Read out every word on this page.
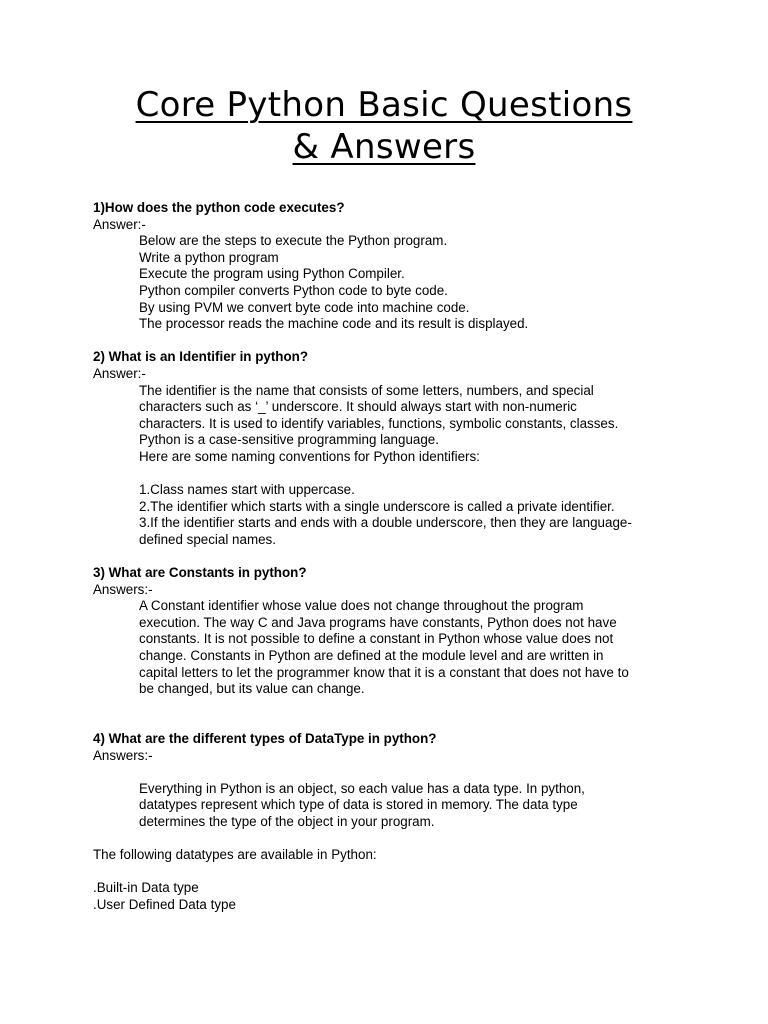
Core Python Basic Questions
& Answers

1)How does the python code executes?

Answer:-

Below are the steps to execute the Python program.

Write a python program

Execute the program using Python Compiler.

Python compiler converts Python code to byte code.

By using PVM we convert byte code into machine code.

The processor reads the machine code and its result is displayed.

2) What is an Identifier in python?

Answer:-

The identifier is the name that consists of some letters, numbers, and special

characters such as ‘_’ underscore. It should always start with non-numeric

characters. It is used to identify variables, functions, symbolic constants, classes.

Python is a case-sensitive programming language.

Here are some naming conventions for Python identifiers:

1.Class names start with uppercase.

2.The identifier which starts with a single underscore is called a private identifier.

3.If the identifier starts and ends with a double underscore, then they are language-

defined special names.

3) What are Constants in python?

Answers:-

A Constant identifier whose value does not change throughout the program

execution. The way C and Java programs have constants, Python does not have

constants. It is not possible to define a constant in Python whose value does not

change. Constants in Python are defined at the module level and are written in

capital letters to let the programmer know that it is a constant that does not have to

be changed, but its value can change.

4) What are the different types of DataType in python?

Answers:-

Everything in Python is an object, so each value has a data type. In python,

datatypes represent which type of data is stored in memory. The data type

determines the type of the object in your program.

The following datatypes are available in Python:

.Built-in Data type

.User Defined Data type
